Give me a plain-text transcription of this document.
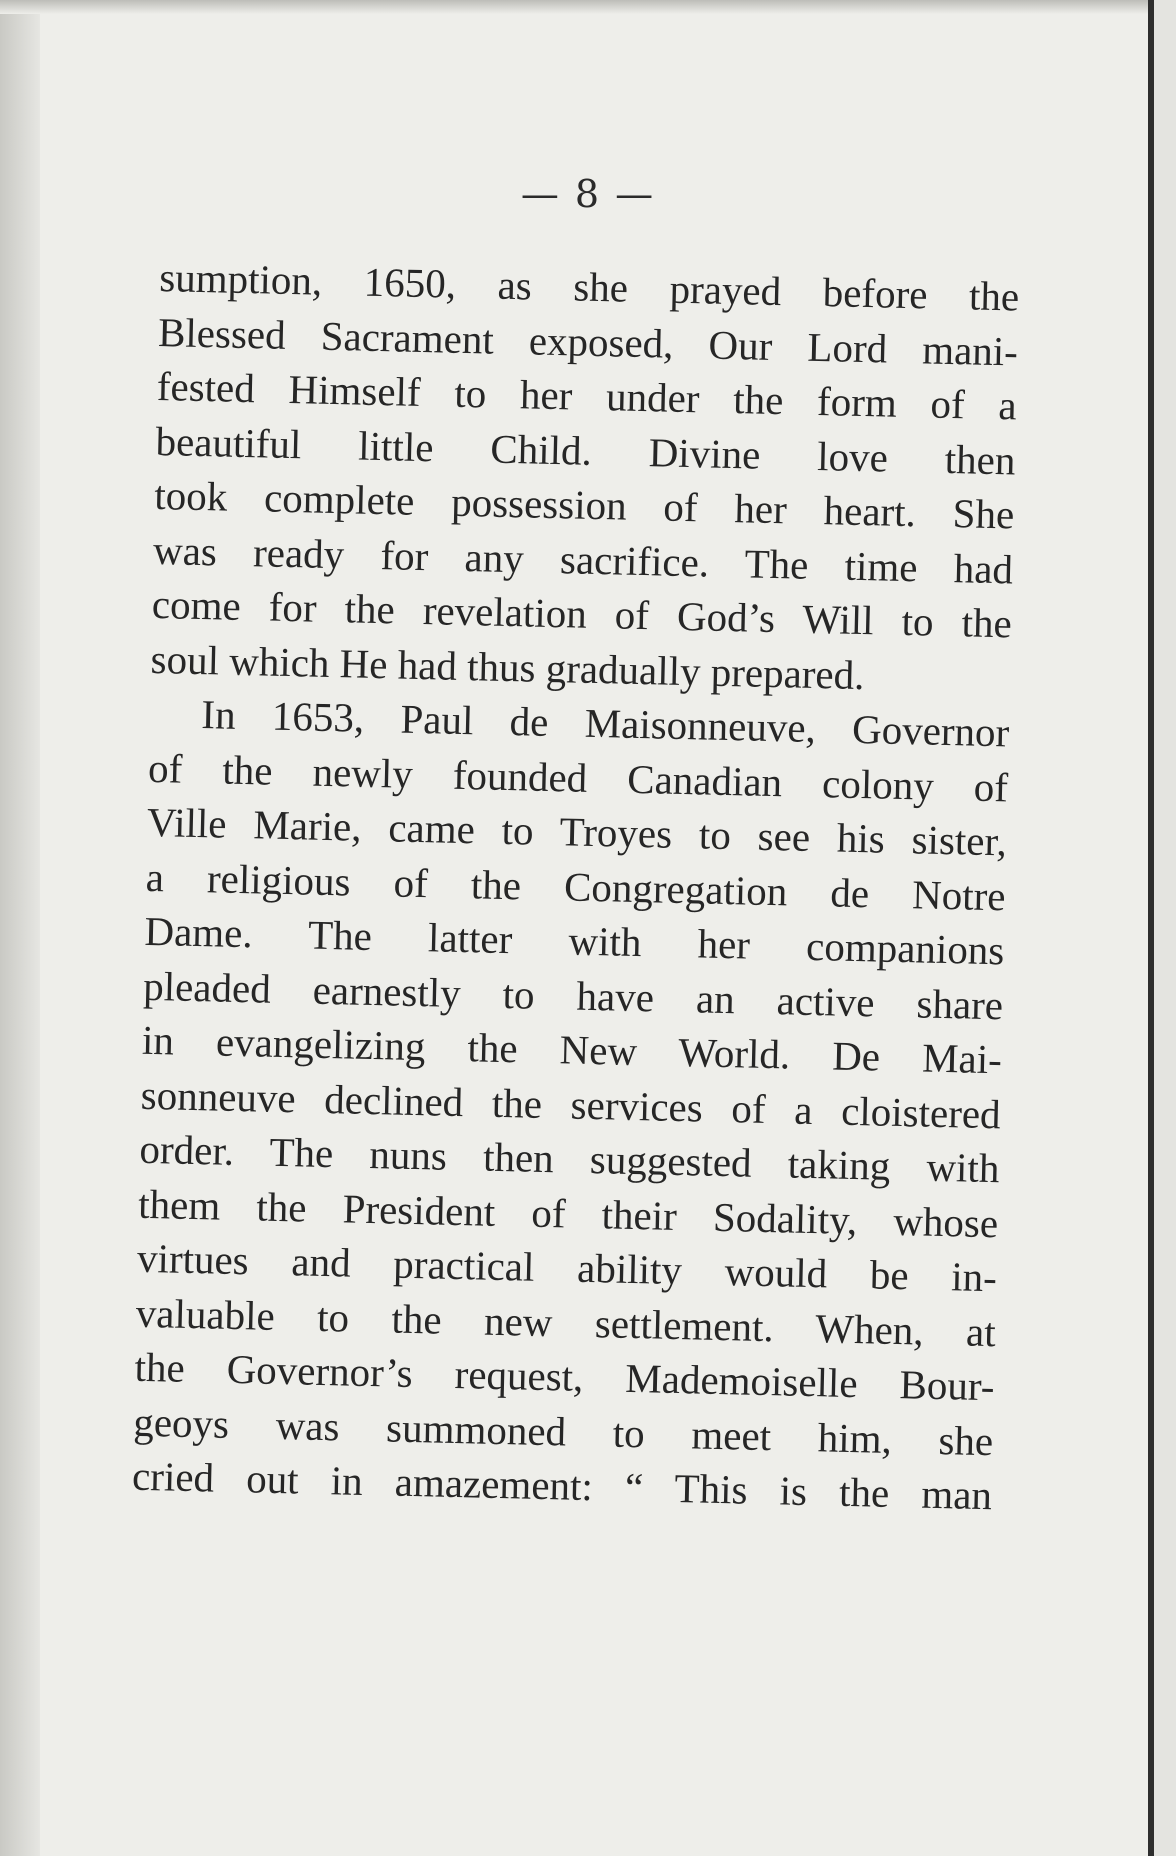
— 8 —
sumption, 1650, as she prayed before the
Blessed Sacrament exposed, Our Lord mani-
fested Himself to her under the form of a
beautiful little Child. Divine love then
took complete possession of her heart. She
was ready for any sacrifice. The time had
come for the revelation of God’s Will to the
soul which He had thus gradually prepared.
In 1653, Paul de Maisonneuve, Governor
of the newly founded Canadian colony of
Ville Marie, came to Troyes to see his sister,
a religious of the Congregation de Notre
Dame. The latter with her companions
pleaded earnestly to have an active share
in evangelizing the New World. De Mai-
sonneuve declined the services of a cloistered
order. The nuns then suggested taking with
them the President of their Sodality, whose
virtues and practical ability would be in-
valuable to the new settlement. When, at
the Governor’s request, Mademoiselle Bour-
geoys was summoned to meet him, she
cried out in amazement: “ This is the man
